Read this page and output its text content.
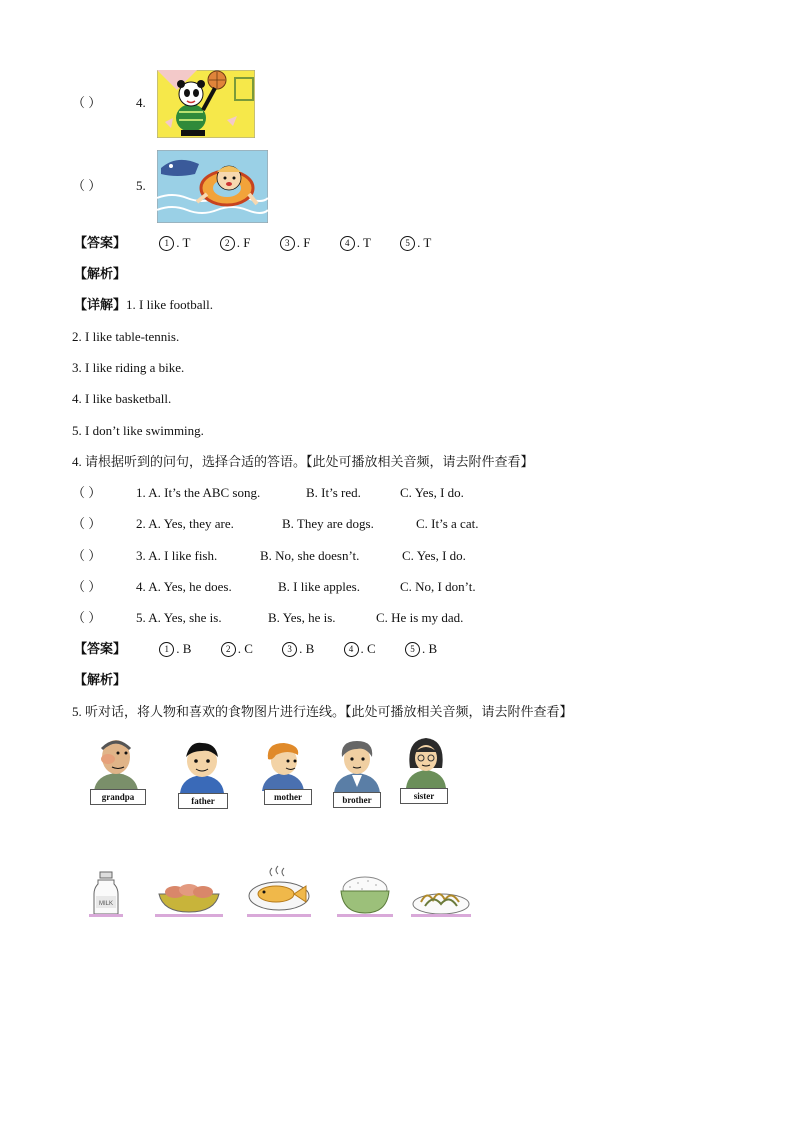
（ ）	4.
（ ）	5.
【答案】	1 . T	2 . F	3 . F	4 . T	5 . T
【解析】
【详解】1. I like football.
2. I like table-tennis.
3. I like riding a bike.
4. I like basketball.
5. I don’t like swimming.
4. 请根据听到的问句，选择合适的答语。【此处可播放相关音频，请去附件查看】
（ ）	1. A. It’s the ABC song.	B. It’s red.	C. Yes, I do.
（ ）	2. A. Yes, they are.	B. They are dogs.	C. It’s a cat.
（ ）	3. A. I like fish.	B. No, she doesn’t.	C. Yes, I do.
（ ）	4. A. Yes, he does.	B. I like apples.	C. No, I don’t.
（ ）	5. A. Yes, she is.	B. Yes, he is.	C. He is my dad.
【答案】	1 . B	2 . C	3 . B	4 . C	5 . B
【解析】
5. 听对话，将人物和喜欢的食物图片进行连线。【此处可播放相关音频，请去附件查看】
grandpa	father	mother	brother	sister
MILK
